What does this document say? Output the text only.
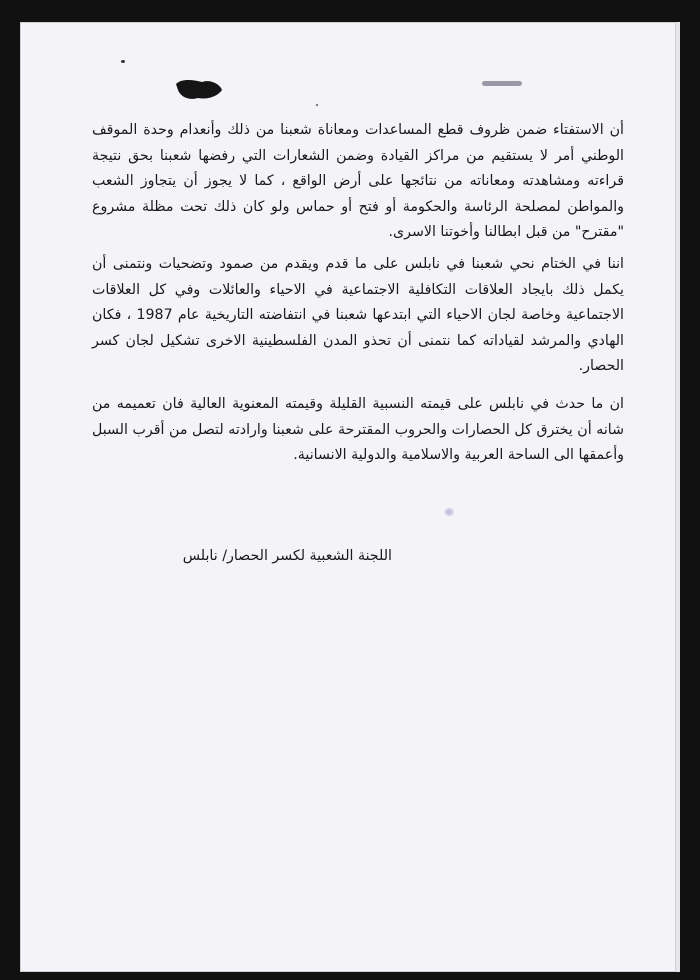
أن الاستفتاء ضمن ظروف قطع المساعدات ومعاناة شعبنا من ذلك وأنعدام وحدة الموقف الوطني أمر لا يستقيم من مراكز القيادة وضمن الشعارات التي رفضها شعبنا بحق نتيجة قراءته ومشاهدته ومعاناته من نتائجها على أرض الواقع ، كما لا يجوز أن يتجاوز الشعب والمواطن لمصلحة الرئاسة والحكومة أو فتح أو حماس ولو كان ذلك تحت مظلة مشروع "مقترح" من قبل ابطالنا وأخوتنا الاسرى.
اننا في الختام نحي شعبنا في نابلس على ما قدم ويقدم من صمود وتضحيات ونتمنى أن يكمل ذلك بايجاد العلاقات التكافلية الاجتماعية في الاحياء والعائلات وفي كل العلاقات الاجتماعية وخاصة لجان الاحياء التي ابتدعها شعبنا في انتفاضته التاريخية عام 1987 ، فكان الهادي والمرشد لقياداته كما نتمنى أن تحذو المدن الفلسطينية الاخرى تشكيل لجان كسر الحصار.
ان ما حدث في نابلس على قيمته النسبية القليلة وقيمته المعنوية العالية فان تعميمه من شانه أن يخترق كل الحصارات والحروب المقترحة على شعبنا وارادته لتصل من أقرب السبل وأعمقها الى الساحة العربية والاسلامية والدولية الانسانية.
اللجنة الشعبية لكسر الحصار/ نابلس
